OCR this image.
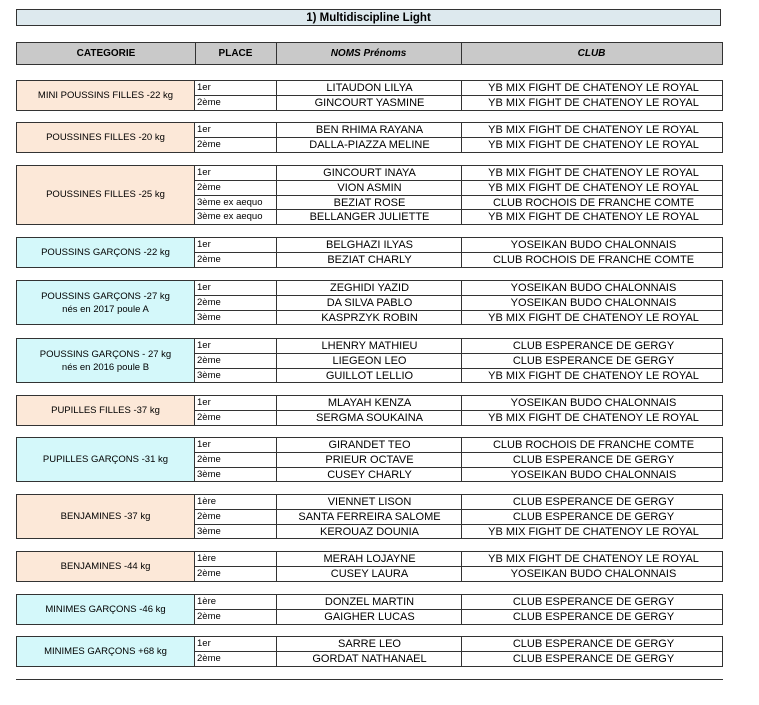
1) Multidiscipline Light
CATEGORIE	PLACE	NOMS Prénoms	CLUB
MINI POUSSINS FILLES -22 kg
1er	LITAUDON LILYA	YB MIX FIGHT DE CHATENOY LE ROYAL
2ème	GINCOURT YASMINE	YB MIX FIGHT DE CHATENOY LE ROYAL
POUSSINES FILLES -20 kg
1er	BEN RHIMA RAYANA	YB MIX FIGHT DE CHATENOY LE ROYAL
2ème	DALLA-PIAZZA MELINE	YB MIX FIGHT DE CHATENOY LE ROYAL
POUSSINES FILLES -25 kg
1er	GINCOURT INAYA	YB MIX FIGHT DE CHATENOY LE ROYAL
2ème	VION ASMIN	YB MIX FIGHT DE CHATENOY LE ROYAL
3ème ex aequo	BEZIAT ROSE	CLUB ROCHOIS DE FRANCHE COMTE
3ème ex aequo	BELLANGER JULIETTE	YB MIX FIGHT DE CHATENOY LE ROYAL
POUSSINS GARÇONS -22 kg
1er	BELGHAZI ILYAS	YOSEIKAN BUDO CHALONNAIS
2ème	BEZIAT CHARLY	CLUB ROCHOIS DE FRANCHE COMTE
POUSSINS GARÇONS -27 kg
nés en 2017 poule A
1er	ZEGHIDI YAZID	YOSEIKAN BUDO CHALONNAIS
2ème	DA SILVA PABLO	YOSEIKAN BUDO CHALONNAIS
3ème	KASPRZYK ROBIN	YB MIX FIGHT DE CHATENOY LE ROYAL
POUSSINS GARÇONS - 27 kg
nés en 2016 poule B
1er	LHENRY MATHIEU	CLUB ESPERANCE DE GERGY
2ème	LIEGEON LEO	CLUB ESPERANCE DE GERGY
3ème	GUILLOT LELLIO	YB MIX FIGHT DE CHATENOY LE ROYAL
PUPILLES FILLES -37 kg
1er	MLAYAH KENZA	YOSEIKAN BUDO CHALONNAIS
2ème	SERGMA SOUKAINA	YB MIX FIGHT DE CHATENOY LE ROYAL
PUPILLES GARÇONS -31 kg
1er	GIRANDET TEO	CLUB ROCHOIS DE FRANCHE COMTE
2ème	PRIEUR OCTAVE	CLUB ESPERANCE DE GERGY
3ème	CUSEY CHARLY	YOSEIKAN BUDO CHALONNAIS
BENJAMINES -37 kg
1ère	VIENNET LISON	CLUB ESPERANCE DE GERGY
2ème	SANTA FERREIRA SALOME	CLUB ESPERANCE DE GERGY
3ème	KEROUAZ DOUNIA	YB MIX FIGHT DE CHATENOY LE ROYAL
BENJAMINES -44 kg
1ère	MERAH LOJAYNE	YB MIX FIGHT DE CHATENOY LE ROYAL
2ème	CUSEY LAURA	YOSEIKAN BUDO CHALONNAIS
MINIMES GARÇONS -46 kg
1ère	DONZEL MARTIN	CLUB ESPERANCE DE GERGY
2ème	GAIGHER LUCAS	CLUB ESPERANCE DE GERGY
MINIMES GARÇONS +68 kg
1er	SARRE LEO	CLUB ESPERANCE DE GERGY
2ème	GORDAT NATHANAEL	CLUB ESPERANCE DE GERGY
